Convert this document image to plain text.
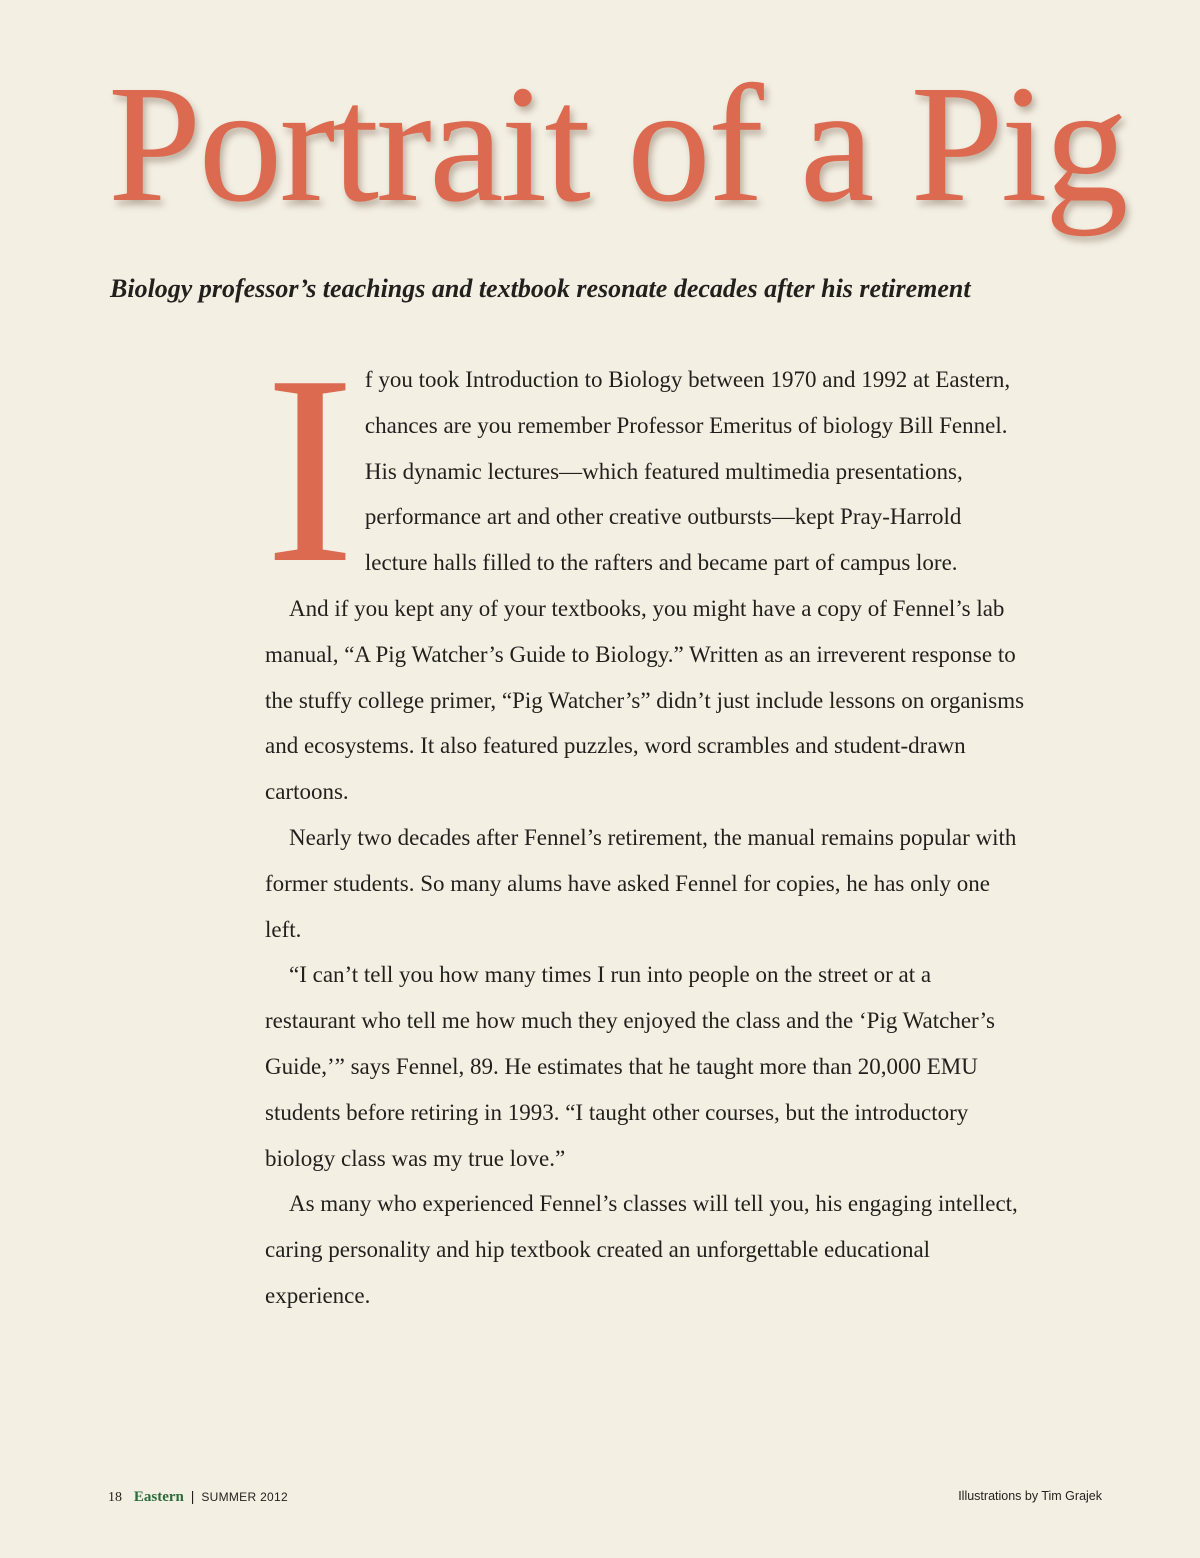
Portrait of a Pig
Biology professor’s teachings and textbook resonate decades after his retirement

If you took Introduction to Biology between 1970 and 1992 at Eastern, chances are you remember Professor Emeritus of biology Bill Fennel. His dynamic lectures—which featured multimedia presentations, performance art and other creative outbursts—kept Pray-Harrold lecture halls filled to the rafters and became part of campus lore.

And if you kept any of your textbooks, you might have a copy of Fennel’s lab manual, “A Pig Watcher’s Guide to Biology.” Written as an irreverent response to the stuffy college primer, “Pig Watcher’s” didn’t just include lessons on organisms and ecosystems. It also featured puzzles, word scrambles and student-drawn cartoons.

Nearly two decades after Fennel’s retirement, the manual remains popular with former students. So many alums have asked Fennel for copies, he has only one left.

“I can’t tell you how many times I run into people on the street or at a restaurant who tell me how much they enjoyed the class and the ‘Pig Watcher’s Guide,’” says Fennel, 89. He estimates that he taught more than 20,000 EMU students before retiring in 1993. “I taught other courses, but the introductory biology class was my true love.”

As many who experienced Fennel’s classes will tell you, his engaging intellect, caring personality and hip textbook created an unforgettable educational experience.

18 Eastern | SUMMER 2012	Illustrations by Tim Grajek
